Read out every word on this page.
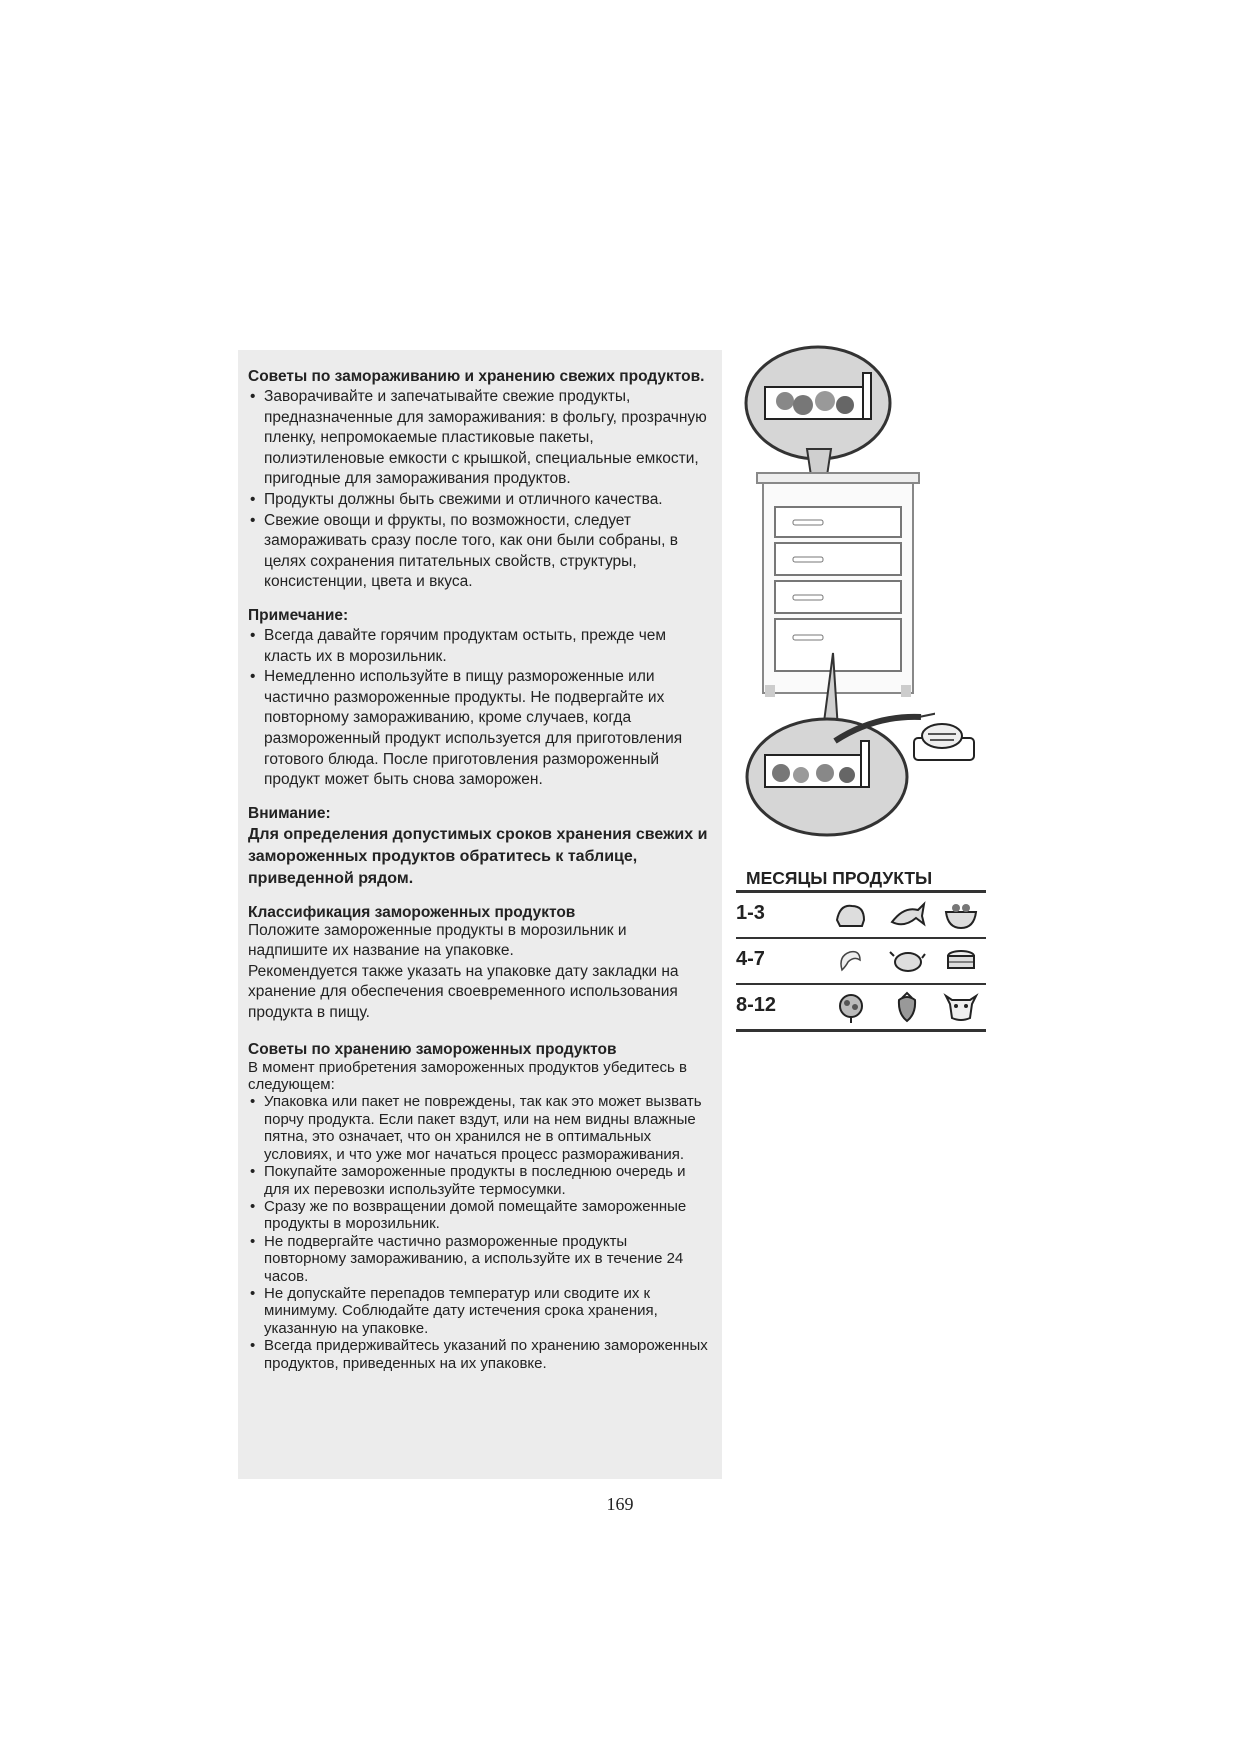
Советы по замораживанию и хранению свежих продуктов.

• Заворачивайте и запечатывайте свежие продукты, предназначенные для замораживания: в фольгу, прозрачную пленку, непромокаемые пластиковые пакеты, полиэтиленовые емкости с крышкой, специальные емкости, пригодные для замораживания продуктов.

• Продукты должны быть свежими и отличного качества.

• Свежие овощи и фрукты, по возможности, следует замораживать сразу после того, как они были собраны, в целях сохранения питательных свойств, структуры, консистенции, цвета и вкуса.

Примечание:

• Всегда давайте горячим продуктам остыть, прежде чем класть их в морозильник.

• Немедленно используйте в пищу размороженные или частично размороженные продукты. Не подвергайте их повторному замораживанию, кроме случаев, когда размороженный продукт используется для приготовления готового блюда. После приготовления размороженный продукт может быть снова заморожен.

Внимание:

Для определения допустимых сроков хранения свежих и замороженных продуктов обратитесь к таблице, приведенной рядом.

Классификация замороженных продуктов

Положите замороженные продукты в морозильник и надпишите их название на упаковке.

Рекомендуется также указать на упаковке дату закладки на хранение для обеспечения своевременного использования продукта в пищу.

Советы по хранению замороженных продуктов

В момент приобретения замороженных продуктов убедитесь в следующем:

• Упаковка или пакет не повреждены, так как это может вызвать порчу продукта. Если пакет вздут, или на нем видны влажные пятна, это означает, что он хранился не в оптимальных условиях, и что уже мог начаться процесс размораживания.

• Покупайте замороженные продукты в последнюю очередь и для их перевозки используйте термосумки.

• Сразу же по возвращении домой помещайте замороженные продукты в морозильник.

• Не подвергайте частично размороженные продукты повторному замораживанию, а используйте их в течение 24 часов.

• Не допускайте перепадов температур или сводите их к минимуму. Соблюдайте дату истечения срока хранения, указанную на упаковке.

• Всегда придерживайтесь указаний по хранению замороженных продуктов, приведенных на их упаковке.

МЕСЯЦЫ ПРОДУКТЫ
1-3
4-7
8-12
169
